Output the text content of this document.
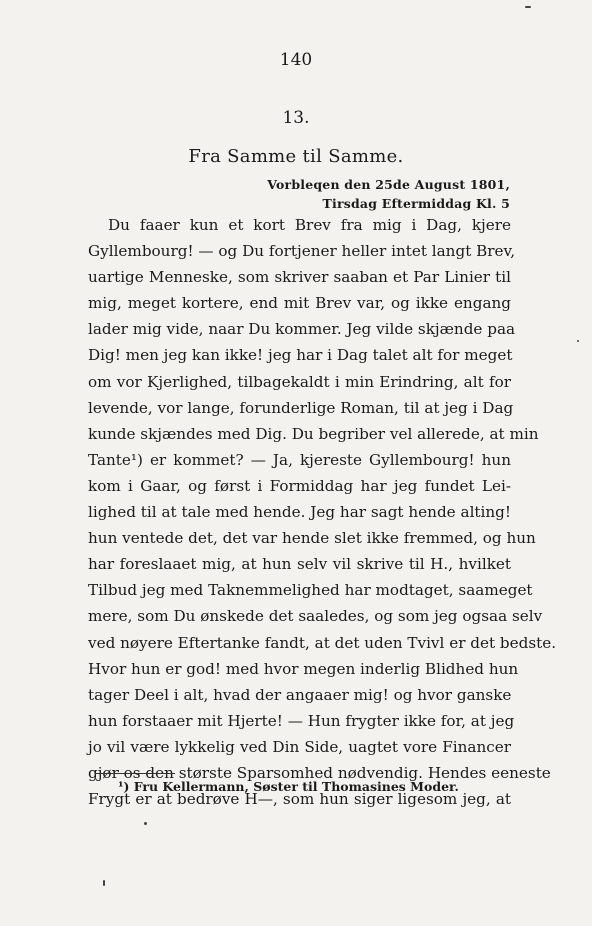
140
13.
Fra Samme til Samme.
Vorbleqen den 25de August 1801,
Tirsdag Eftermiddag Kl. 5
Du faaer kun et kort Brev fra mig i Dag, kjere
Gyllembourg! — og Du fortjener heller intet langt Brev,
uartige Menneske, som skriver saaban et Par Linier til
mig, meget kortere, end mit Brev var, og ikke engang
lader mig vide, naar Du kommer. Jeg vilde skjænde paa
Dig! men jeg kan ikke! jeg har i Dag talet alt for meget
om vor Kjerlighed, tilbagekaldt i min Erindring, alt for
levende, vor lange, forunderlige Roman, til at jeg i Dag
kunde skjændes med Dig. Du begriber vel allerede, at min
Tante¹) er kommet? — Ja, kjereste Gyllembourg! hun
kom i Gaar, og først i Formiddag har jeg fundet Lei-
lighed til at tale med hende. Jeg har sagt hende alting!
hun ventede det, det var hende slet ikke fremmed, og hun
har foreslaaet mig, at hun selv vil skrive til H., hvilket
Tilbud jeg med Taknemmelighed har modtaget, saameget
mere, som Du ønskede det saaledes, og som jeg ogsaa selv
ved nøyere Eftertanke fandt, at det uden Tvivl er det bedste.
Hvor hun er god! med hvor megen inderlig Blidhed hun
tager Deel i alt, hvad der angaaer mig! og hvor ganske
hun forstaaer mit Hjerte! — Hun frygter ikke for, at jeg
jo vil være lykkelig ved Din Side, uagtet vore Financer
gjør os den største Sparsomhed nødvendig. Hendes eeneste
Frygt er at bedrøve H—, som hun siger ligesom jeg, at
¹) Fru Kellermann, Søster til Thomasines Moder.
